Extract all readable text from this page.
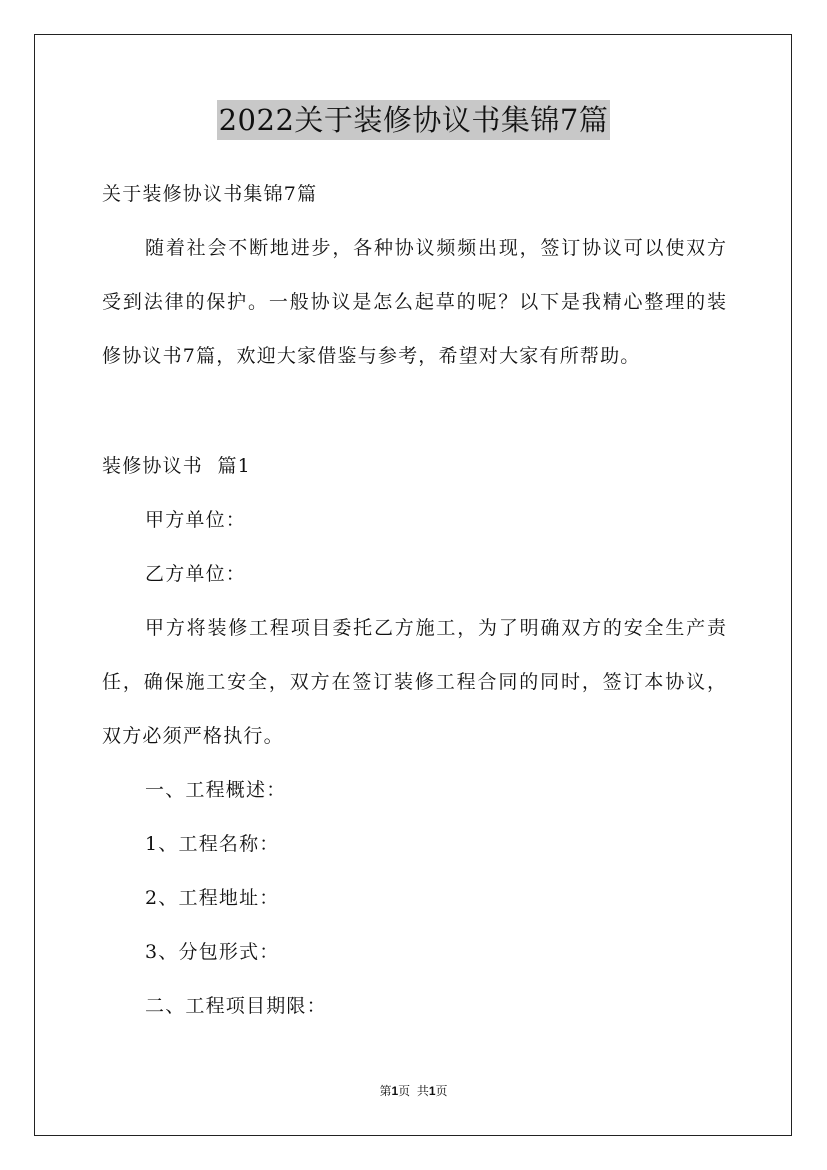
2022关于装修协议书集锦7篇
关于装修协议书集锦7篇
随着社会不断地进步，各种协议频频出现，签订协议可以使双方
受到法律的保护。一般协议是怎么起草的呢？以下是我精心整理的装
修协议书7篇，欢迎大家借鉴与参考，希望对大家有所帮助。
装修协议书  篇1
甲方单位：
乙方单位：
甲方将装修工程项目委托乙方施工，为了明确双方的安全生产责
任，确保施工安全，双方在签订装修工程合同的同时，签订本协议，
双方必须严格执行。
一、工程概述：
1、工程名称：
2、工程地址：
3、分包形式：
二、工程项目期限：
第1页  共1页
